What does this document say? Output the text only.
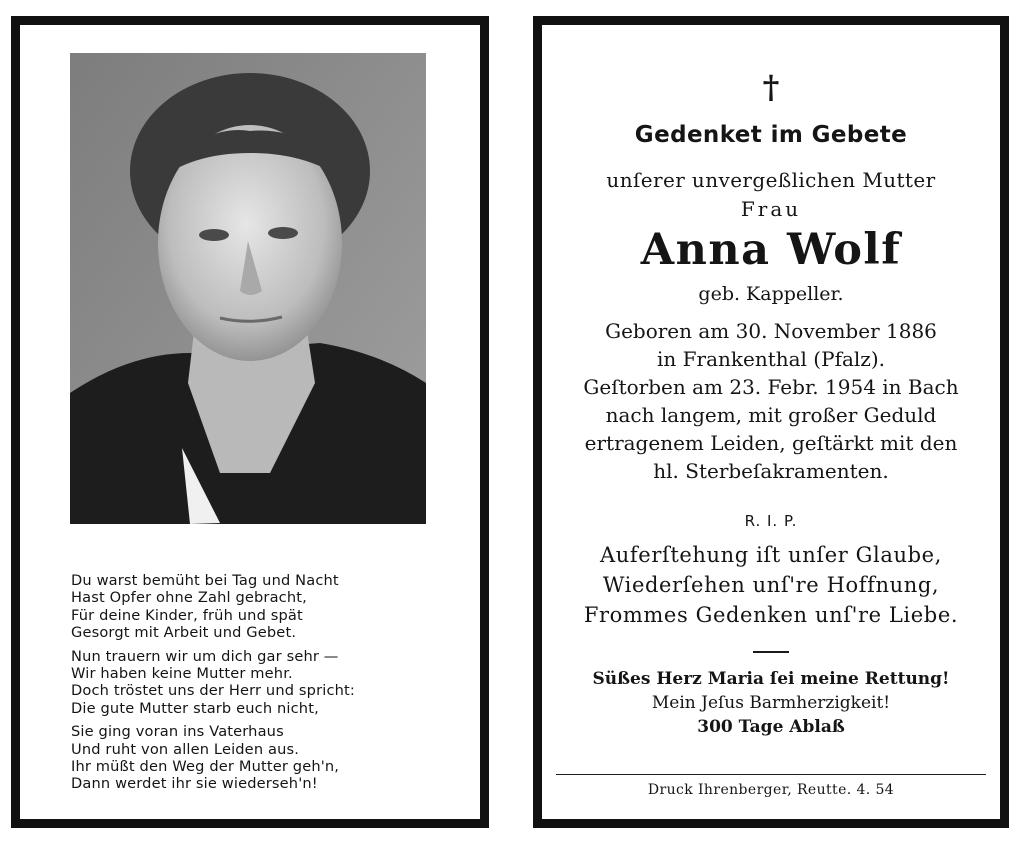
Du warst bemüht bei Tag und Nacht
Hast Opfer ohne Zahl gebracht,
Für deine Kinder, früh und spät
Gesorgt mit Arbeit und Gebet.
Nun trauern wir um dich gar sehr —
Wir haben keine Mutter mehr.
Doch tröstet uns der Herr und spricht:
Die gute Mutter starb euch nicht,
Sie ging voran ins Vaterhaus
Und ruht von allen Leiden aus.
Ihr müßt den Weg der Mutter geh'n,
Dann werdet ihr sie wiederseh'n!
†
Gedenket im Gebete
unſerer unvergeßlichen Mutter
Frau
Anna Wolf
geb. Kappeller.
Geboren am 30. November 1886
in Frankenthal (Pfalz).
Geſtorben am 23. Febr. 1954 in Bach
nach langem, mit großer Geduld
ertragenem Leiden, geſtärkt mit den
hl. Sterbeſakramenten.
R. I. P.
Auferſtehung iſt unſer Glaube,
Wiederſehen unſ're Hoffnung,
Frommes Gedenken unſ're Liebe.
Süßes Herz Maria ſei meine Rettung!
Mein Jeſus Barmherzigkeit!
300 Tage Ablaß
Druck Ihrenberger, Reutte. 4. 54
